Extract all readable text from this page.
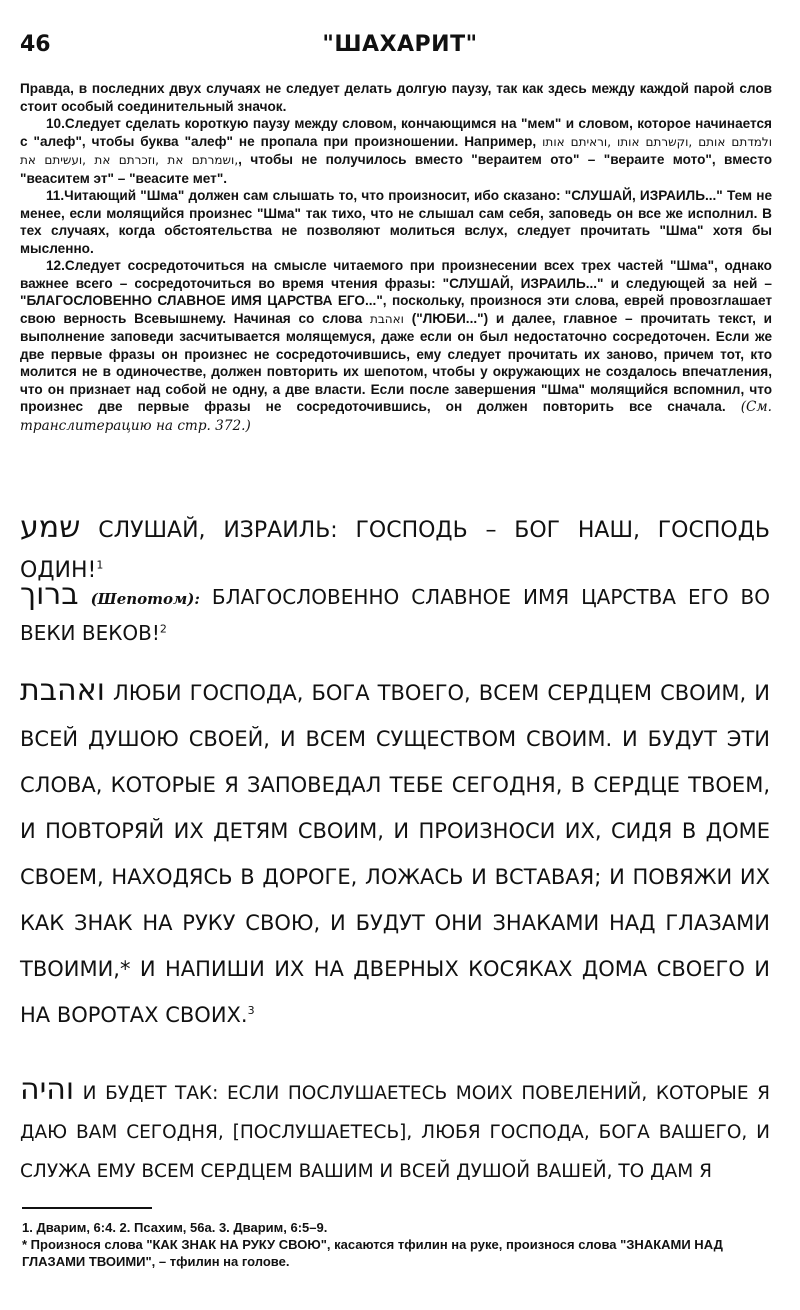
46	"ШАХАРИТ"

Правда, в последних двух случаях не следует делать долгую паузу, так как здесь между каждой парой слов стоит особый соединительный значок.

10.Следует сделать короткую паузу между словом, кончающимся на "мем" и словом, которое начинается с "алеф", чтобы буква "алеф" не пропала при произношении. Например, ולמדתם אותם ,וקשרתם אותו ,וראיתם אותו ,ושמרתם את ,וזכרתם את ,ועשיתם את, чтобы не получилось вместо "вераитем ото" – "вераите мото", вместо "веаситем эт" – "веасите мет".

11.Читающий "Шма" должен сам слышать то, что произносит, ибо сказано: "СЛУШАЙ, ИЗРАИЛЬ..." Тем не менее, если молящийся произнес "Шма" так тихо, что не слышал сам себя, заповедь он все же исполнил. В тех случаях, когда обстоятельства не позволяют молиться вслух, следует прочитать "Шма" хотя бы мысленно.

12.Следует сосредоточиться на смысле читаемого при произнесении всех трех частей "Шма", однако важнее всего – сосредоточиться во время чтения фразы: "СЛУШАЙ, ИЗРАИЛЬ..." и следующей за ней – "БЛАГОСЛОВЕННО СЛАВНОЕ ИМЯ ЦАРСТВА ЕГО...", поскольку, произнося эти слова, еврей провозглашает свою верность Всевышнему. Начиная со слова ואהבת ("ЛЮБИ...") и далее, главное – прочитать текст, и выполнение заповеди засчитывается молящемуся, даже если он был недостаточно сосредоточен. Если же две первые фразы он произнес не сосредоточившись, ему следует прочитать их заново, причем тот, кто молится не в одиночестве, должен повторить их шепотом, чтобы у окружающих не создалось впечатления, что он признает над собой не одну, а две власти. Если после завершения "Шма" молящийся вспомнил, что произнес две первые фразы не сосредоточившись, он должен повторить все сначала. (См. транслитерацию на стр. 372.)

שמע СЛУШАЙ, ИЗРАИЛЬ: ГОСПОДЬ – БОГ НАШ, ГОСПОДЬ ОДИН!$^1$

ברוך (Шепотом): БЛАГОСЛОВЕННО СЛАВНОЕ ИМЯ ЦАРСТВА ЕГО ВО ВЕКИ ВЕКОВ!$^2$

ואהבת ЛЮБИ ГОСПОДА, БОГА ТВОЕГО, ВСЕМ СЕРДЦЕМ СВОИМ, И ВСЕЙ ДУШОЮ СВОЕЙ, И ВСЕМ СУЩЕСТВОМ СВОИМ. И БУДУТ ЭТИ СЛОВА, КОТОРЫЕ Я ЗАПОВЕДАЛ ТЕБЕ СЕГОДНЯ, В СЕРДЦЕ ТВОЕМ, И ПОВТОРЯЙ ИХ ДЕТЯМ СВОИМ, И ПРОИЗНОСИ ИХ, СИДЯ В ДОМЕ СВОЕМ, НАХОДЯСЬ В ДОРОГЕ, ЛОЖАСЬ И ВСТАВАЯ; И ПОВЯЖИ ИХ КАК ЗНАК НА РУКУ СВОЮ, И БУДУТ ОНИ ЗНАКАМИ НАД ГЛАЗАМИ ТВОИМИ,* И НАПИШИ ИХ НА ДВЕРНЫХ КОСЯКАХ ДОМА СВОЕГО И НА ВОРОТАХ СВОИХ.$^3$

והיה И БУДЕТ ТАК: ЕСЛИ ПОСЛУШАЕТЕСЬ МОИХ ПОВЕЛЕНИЙ, КОТОРЫЕ Я ДАЮ ВАМ СЕГОДНЯ, [ПОСЛУШАЕТЕСЬ], ЛЮБЯ ГОСПОДА, БОГА ВАШЕГО, И СЛУЖА ЕМУ ВСЕМ СЕРДЦЕМ ВАШИМ И ВСЕЙ ДУШОЙ ВАШЕЙ, ТО ДАМ Я

1. Дварим, 6:4. 2. Псахим, 56а. 3. Дварим, 6:5–9.

* Произнося слова "КАК ЗНАК НА РУКУ СВОЮ", касаются тфилин на руке, произнося слова "ЗНАКАМИ НАД ГЛАЗАМИ ТВОИМИ", – тфилин на голове.
